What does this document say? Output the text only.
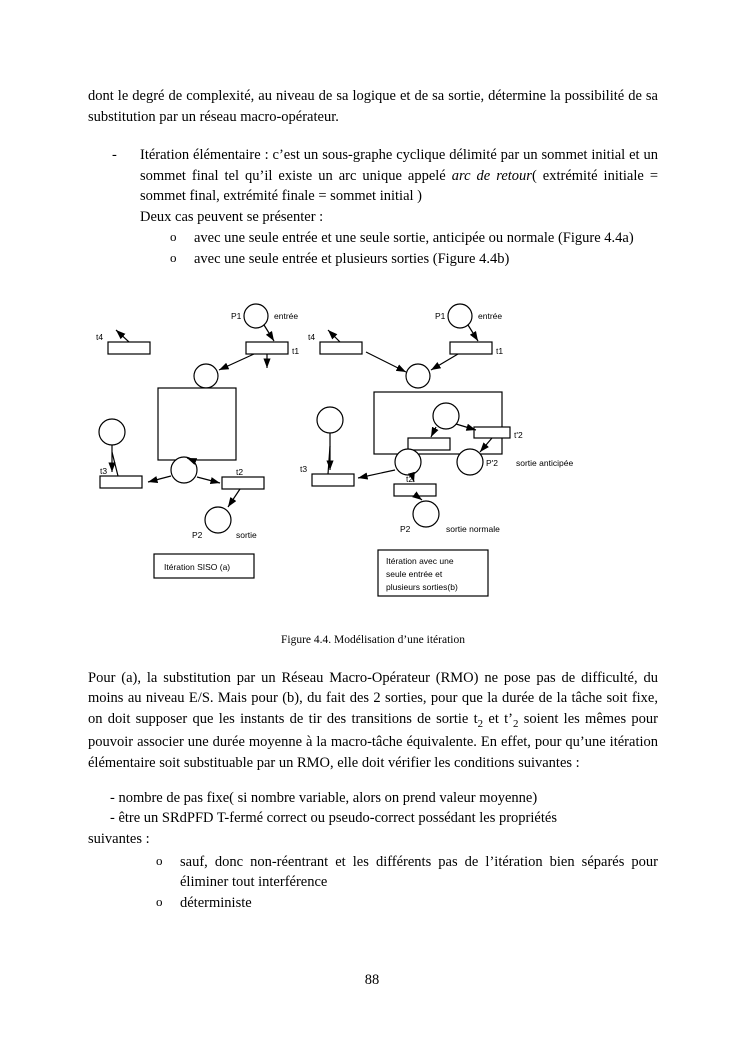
dont le degré de complexité, au niveau de sa logique et de sa sortie, détermine la possibilité de sa substitution par un réseau macro-opérateur.

- Itération élémentaire : c’est un sous-graphe cyclique délimité par un sommet initial et un sommet final tel qu’il existe un arc unique appelé arc de retour( extrémité initiale = sommet final, extrémité finale = sommet initial )
Deux cas peuvent se présenter :
o avec une seule entrée et une seule sortie, anticipée ou normale (Figure 4.4a)
o avec une seule entrée et plusieurs sorties (Figure 4.4b)
P1	entrée
t1
t4
t3	t2
P2	sortie
Itération SISO (a)
P1	entrée
t1
t4
t3
t'2
t2
P'2 sortie anticipée
P2	sortie normale
Itération avec une
seule entrée et
plusieurs sorties(b)
Figure 4.4. Modélisation d’une itération

Pour (a), la substitution par un Réseau Macro-Opérateur (RMO) ne pose pas de difficulté, du moins au niveau E/S. Mais pour (b), du fait des 2 sorties, pour que la durée de la tâche soit fixe, on doit supposer que les instants de tir des transitions de sortie $t_2$ et $t’_2$ soient les mêmes pour pouvoir associer une durée moyenne à la macro-tâche équivalente. En effet, pour qu’une itération élémentaire soit substituable par un RMO, elle doit vérifier les conditions suivantes :

- nombre de pas fixe( si nombre variable, alors on prend valeur moyenne)
- être un SRdPFD T-fermé correct ou pseudo-correct possédant les propriétés
suivantes :
o sauf, donc non-réentrant et les différents pas de l’itération bien séparés pour éliminer tout interférence
o déterministe
88
